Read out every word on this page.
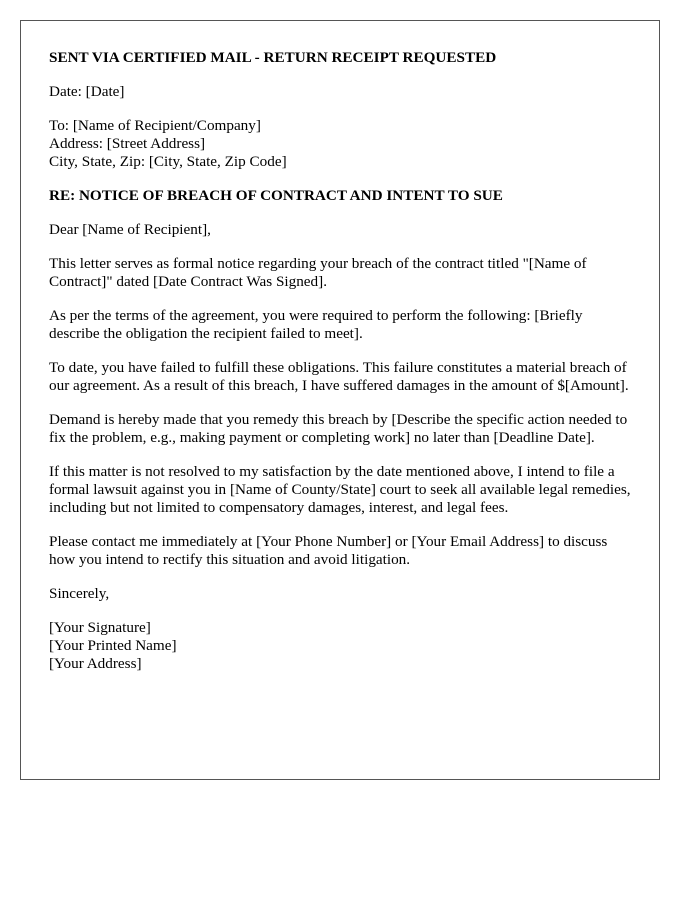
SENT VIA CERTIFIED MAIL - RETURN RECEIPT REQUESTED

Date: [Date]

To: [Name of Recipient/Company]
Address: [Street Address]
City, State, Zip: [City, State, Zip Code]

RE: NOTICE OF BREACH OF CONTRACT AND INTENT TO SUE

Dear [Name of Recipient],

This letter serves as formal notice regarding your breach of the contract titled "[Name of Contract]" dated [Date Contract Was Signed].

As per the terms of the agreement, you were required to perform the following: [Briefly describe the obligation the recipient failed to meet].

To date, you have failed to fulfill these obligations. This failure constitutes a material breach of our agreement. As a result of this breach, I have suffered damages in the amount of $[Amount].

Demand is hereby made that you remedy this breach by [Describe the specific action needed to fix the problem, e.g., making payment or completing work] no later than [Deadline Date].

If this matter is not resolved to my satisfaction by the date mentioned above, I intend to file a formal lawsuit against you in [Name of County/State] court to seek all available legal remedies, including but not limited to compensatory damages, interest, and legal fees.

Please contact me immediately at [Your Phone Number] or [Your Email Address] to discuss how you intend to rectify this situation and avoid litigation.

Sincerely,

[Your Signature]
[Your Printed Name]
[Your Address]
